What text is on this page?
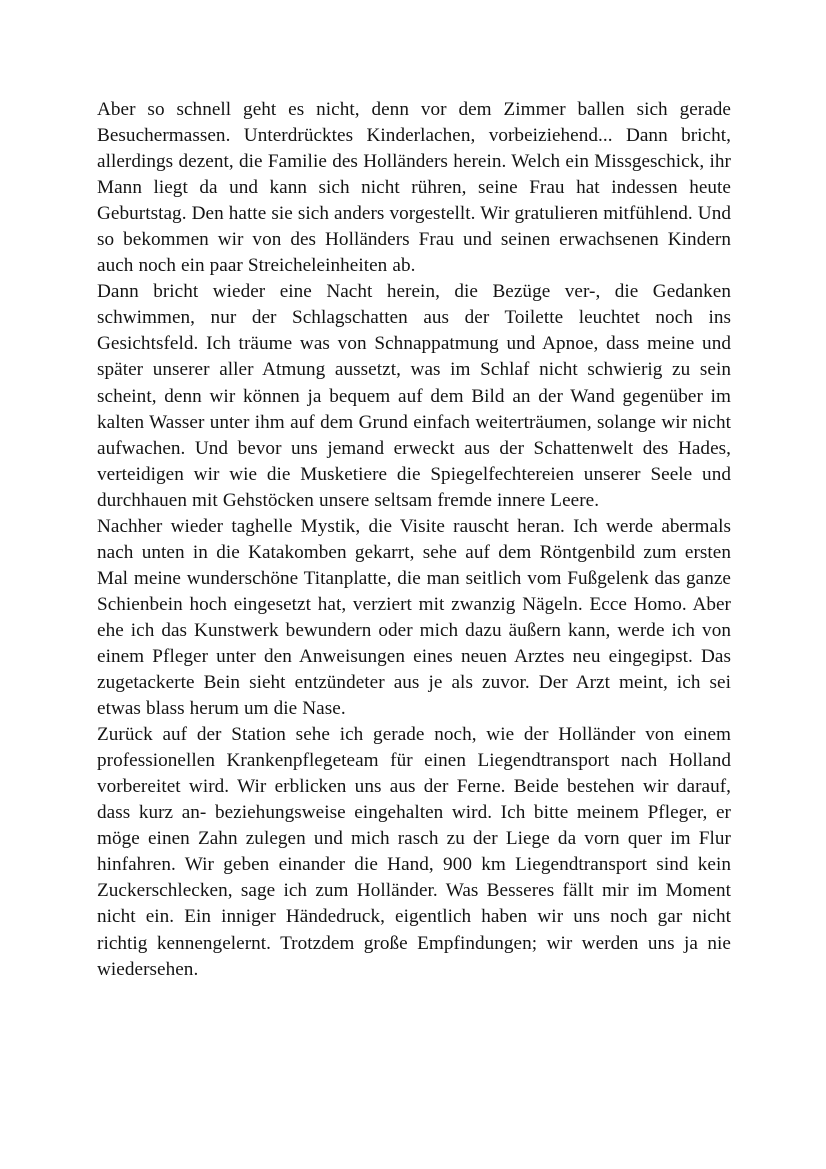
Aber so schnell geht es nicht, denn vor dem Zimmer ballen sich gerade Besuchermassen. Unterdrücktes Kinderlachen, vorbeiziehend... Dann bricht, allerdings dezent, die Familie des Holländers herein. Welch ein Missgeschick, ihr Mann liegt da und kann sich nicht rühren, seine Frau hat indessen heute Geburtstag. Den hatte sie sich anders vorgestellt. Wir gratulieren mitfühlend. Und so bekommen wir von des Holländers Frau und seinen erwachsenen Kindern auch noch ein paar Streicheleinheiten ab.

Dann bricht wieder eine Nacht herein, die Bezüge ver-, die Gedanken schwimmen, nur der Schlagschatten aus der Toilette leuchtet noch ins Gesichtsfeld. Ich träume was von Schnappatmung und Apnoe, dass meine und später unserer aller Atmung aussetzt, was im Schlaf nicht schwierig zu sein scheint, denn wir können ja bequem auf dem Bild an der Wand gegenüber im kalten Wasser unter ihm auf dem Grund einfach weiterträumen, solange wir nicht aufwachen. Und bevor uns jemand erweckt aus der Schattenwelt des Hades, verteidigen wir wie die Musketiere die Spiegelfechtereien unserer Seele und durchhauen mit Gehstöcken unsere seltsam fremde innere Leere.

Nachher wieder taghelle Mystik, die Visite rauscht heran. Ich werde abermals nach unten in die Katakomben gekarrt, sehe auf dem Röntgenbild zum ersten Mal meine wunderschöne Titanplatte, die man seitlich vom Fußgelenk das ganze Schienbein hoch eingesetzt hat, verziert mit zwanzig Nägeln. Ecce Homo. Aber ehe ich das Kunstwerk bewundern oder mich dazu äußern kann, werde ich von einem Pfleger unter den Anweisungen eines neuen Arztes neu eingegipst. Das zugetackerte Bein sieht entzündeter aus je als zuvor. Der Arzt meint, ich sei etwas blass herum um die Nase.

Zurück auf der Station sehe ich gerade noch, wie der Holländer von einem professionellen Krankenpflegeteam für einen Liegendtransport nach Holland vorbereitet wird. Wir erblicken uns aus der Ferne. Beide bestehen wir darauf, dass kurz an- beziehungsweise eingehalten wird. Ich bitte meinem Pfleger, er möge einen Zahn zulegen und mich rasch zu der Liege da vorn quer im Flur hinfahren. Wir geben einander die Hand, 900 km Liegendtransport sind kein Zuckerschlecken, sage ich zum Holländer. Was Besseres fällt mir im Moment nicht ein. Ein inniger Händedruck, eigentlich haben wir uns noch gar nicht richtig kennengelernt. Trotzdem große Empfindungen; wir werden uns ja nie wiedersehen.
